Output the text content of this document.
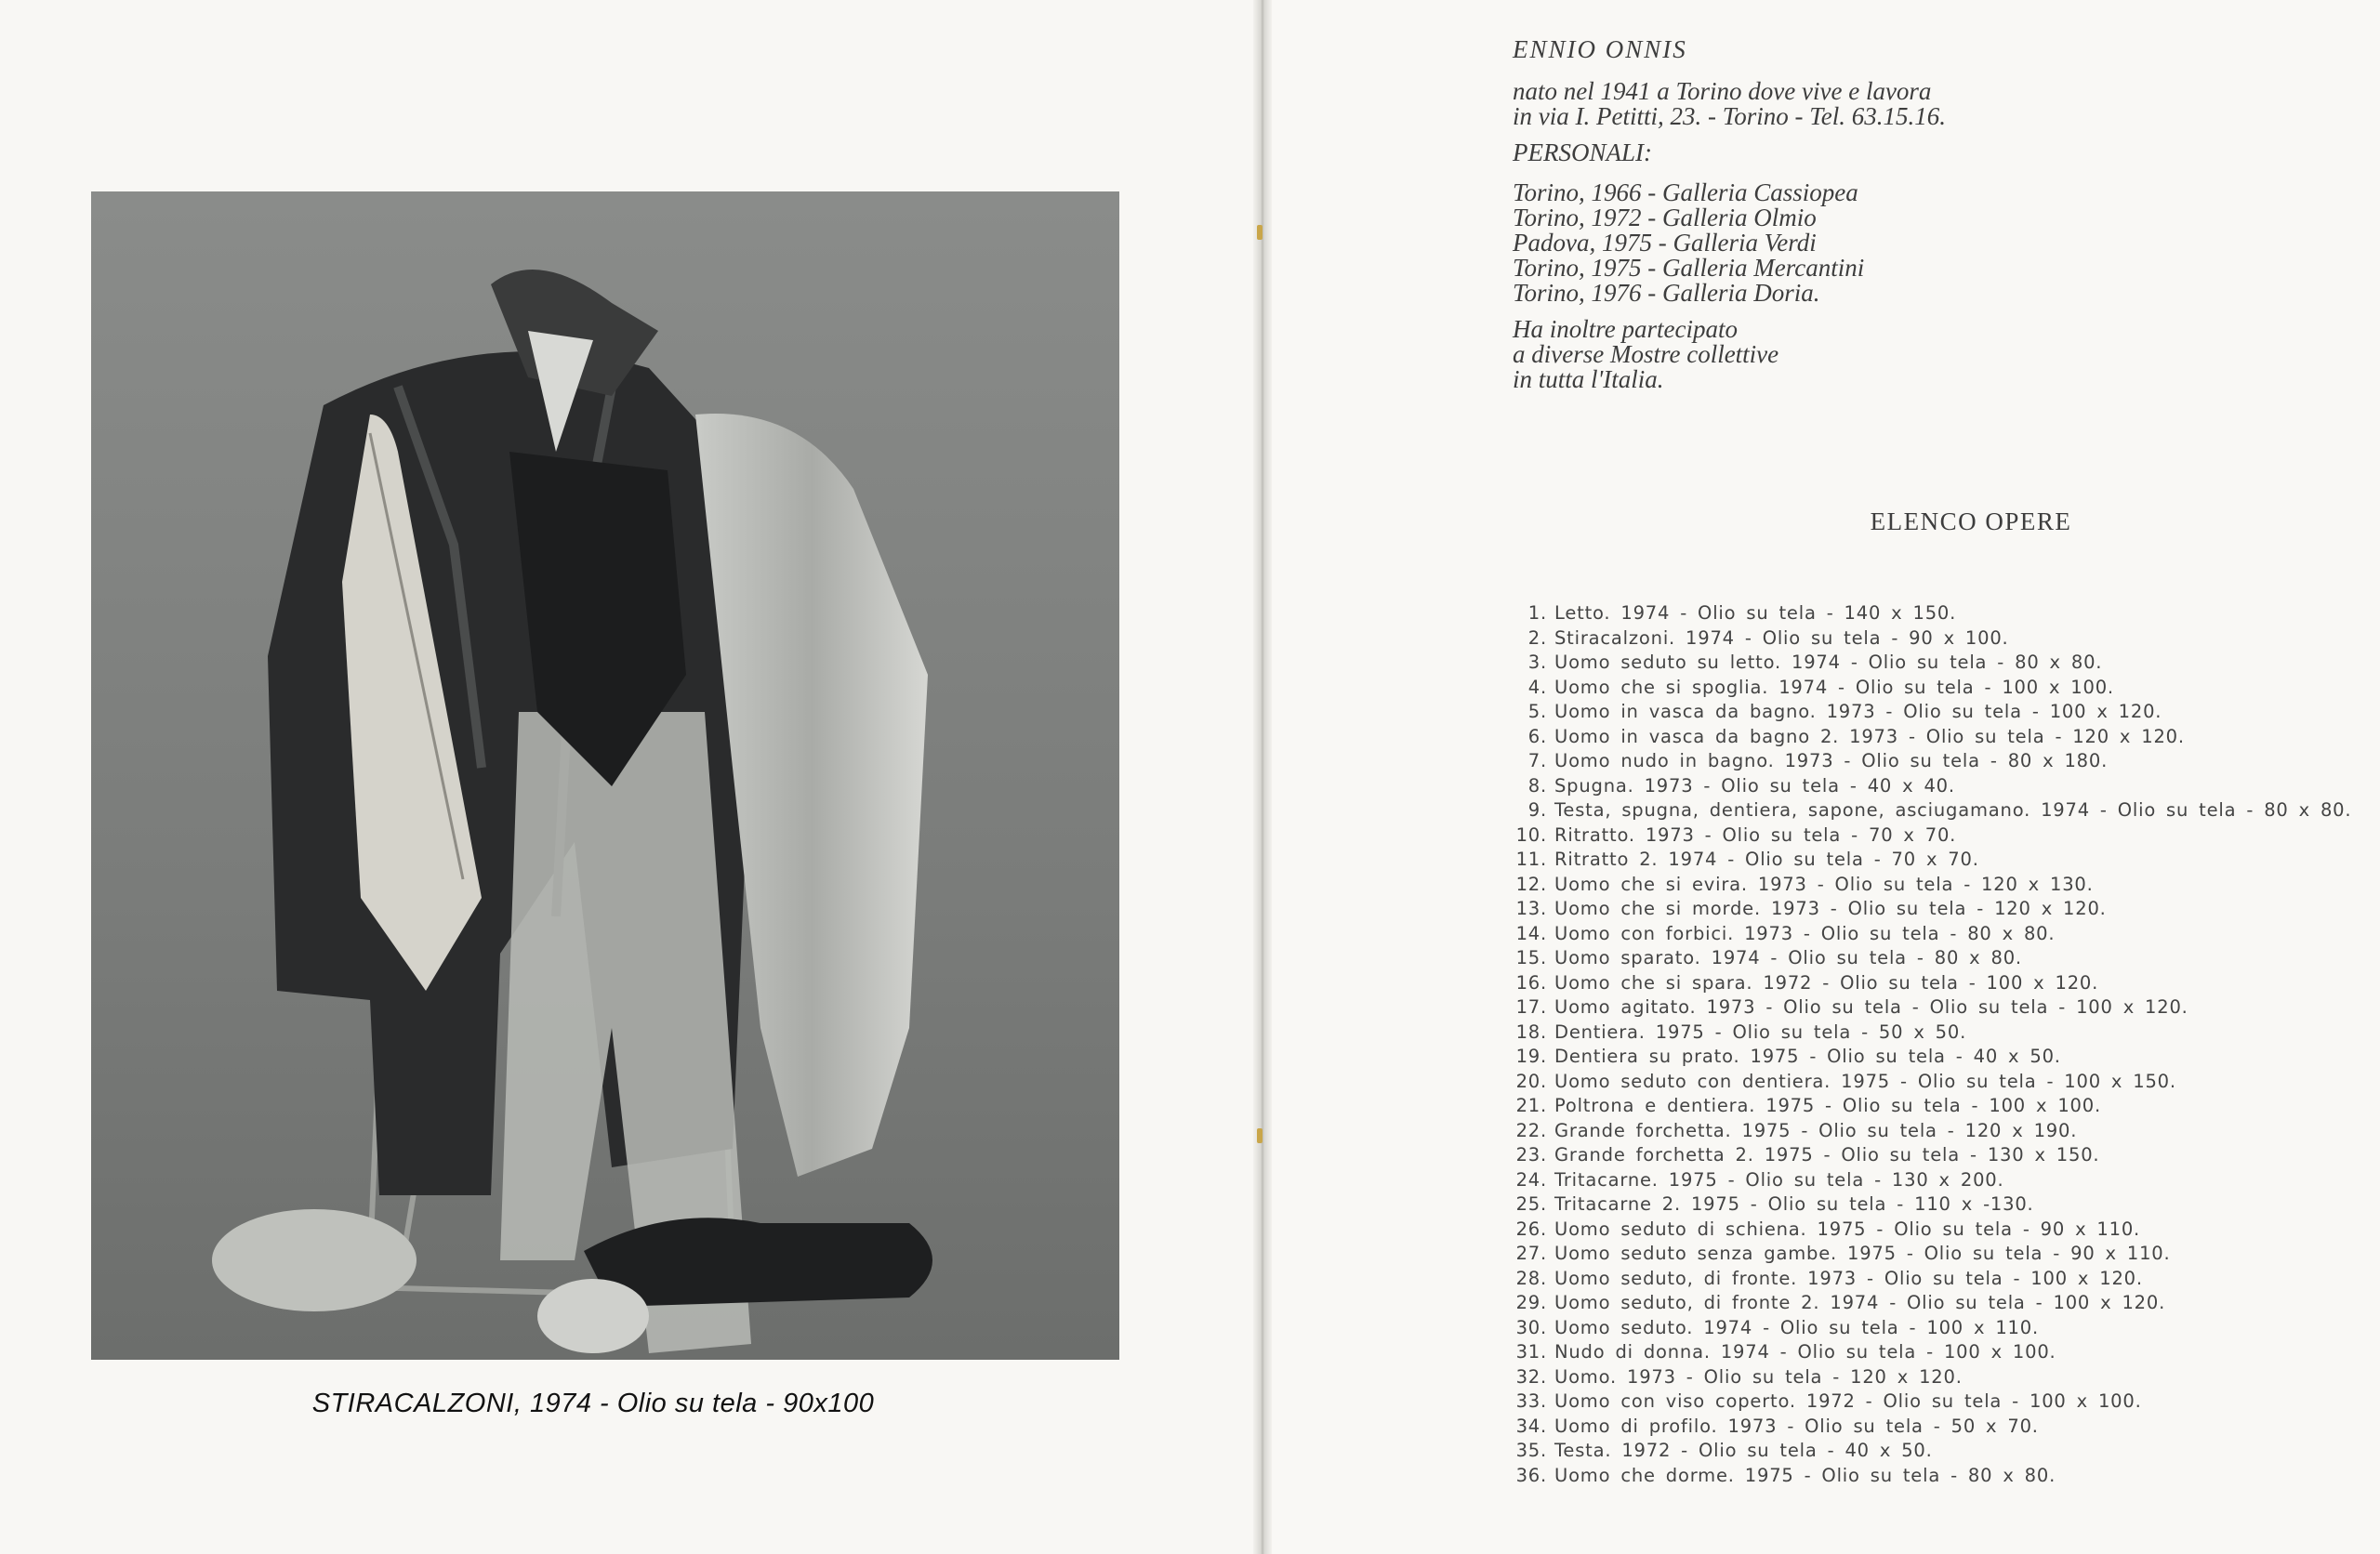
STIRACALZONI, 1974 - Olio su tela - 90x100
ENNIO ONNIS
nato nel 1941 a Torino dove vive e lavora
in via I. Petitti, 23. - Torino - Tel. 63.15.16.
PERSONALI:
Torino, 1966 - Galleria Cassiopea
Torino, 1972 - Galleria Olmio
Padova, 1975 - Galleria Verdi
Torino, 1975 - Galleria Mercantini
Torino, 1976 - Galleria Doria.
Ha inoltre partecipato
a diverse Mostre collettive
in tutta l'Italia.
ELENCO OPERE
1. Letto. 1974 - Olio su tela - 140 x 150.
2. Stiracalzoni. 1974 - Olio su tela - 90 x 100.
3. Uomo seduto su letto. 1974 - Olio su tela - 80 x 80.
4. Uomo che si spoglia. 1974 - Olio su tela - 100 x 100.
5. Uomo in vasca da bagno. 1973 - Olio su tela - 100 x 120.
6. Uomo in vasca da bagno 2. 1973 - Olio su tela - 120 x 120.
7. Uomo nudo in bagno. 1973 - Olio su tela - 80 x 180.
8. Spugna. 1973 - Olio su tela - 40 x 40.
9. Testa, spugna, dentiera, sapone, asciugamano. 1974 - Olio su tela - 80 x 80.
10. Ritratto. 1973 - Olio su tela - 70 x 70.
11. Ritratto 2. 1974 - Olio su tela - 70 x 70.
12. Uomo che si evira. 1973 - Olio su tela - 120 x 130.
13. Uomo che si morde. 1973 - Olio su tela - 120 x 120.
14. Uomo con forbici. 1973 - Olio su tela - 80 x 80.
15. Uomo sparato. 1974 - Olio su tela - 80 x 80.
16. Uomo che si spara. 1972 - Olio su tela - 100 x 120.
17. Uomo agitato. 1973 - Olio su tela - Olio su tela - 100 x 120.
18. Dentiera. 1975 - Olio su tela - 50 x 50.
19. Dentiera su prato. 1975 - Olio su tela - 40 x 50.
20. Uomo seduto con dentiera. 1975 - Olio su tela - 100 x 150.
21. Poltrona e dentiera. 1975 - Olio su tela - 100 x 100.
22. Grande forchetta. 1975 - Olio su tela - 120 x 190.
23. Grande forchetta 2. 1975 - Olio su tela - 130 x 150.
24. Tritacarne. 1975 - Olio su tela - 130 x 200.
25. Tritacarne 2. 1975 - Olio su tela - 110 x -130.
26. Uomo seduto di schiena. 1975 - Olio su tela - 90 x 110.
27. Uomo seduto senza gambe. 1975 - Olio su tela - 90 x 110.
28. Uomo seduto, di fronte. 1973 - Olio su tela - 100 x 120.
29. Uomo seduto, di fronte 2. 1974 - Olio su tela - 100 x 120.
30. Uomo seduto. 1974 - Olio su tela - 100 x 110.
31. Nudo di donna. 1974 - Olio su tela - 100 x 100.
32. Uomo. 1973 - Olio su tela - 120 x 120.
33. Uomo con viso coperto. 1972 - Olio su tela - 100 x 100.
34. Uomo di profilo. 1973 - Olio su tela - 50 x 70.
35. Testa. 1972 - Olio su tela - 40 x 50.
36. Uomo che dorme. 1975 - Olio su tela - 80 x 80.
